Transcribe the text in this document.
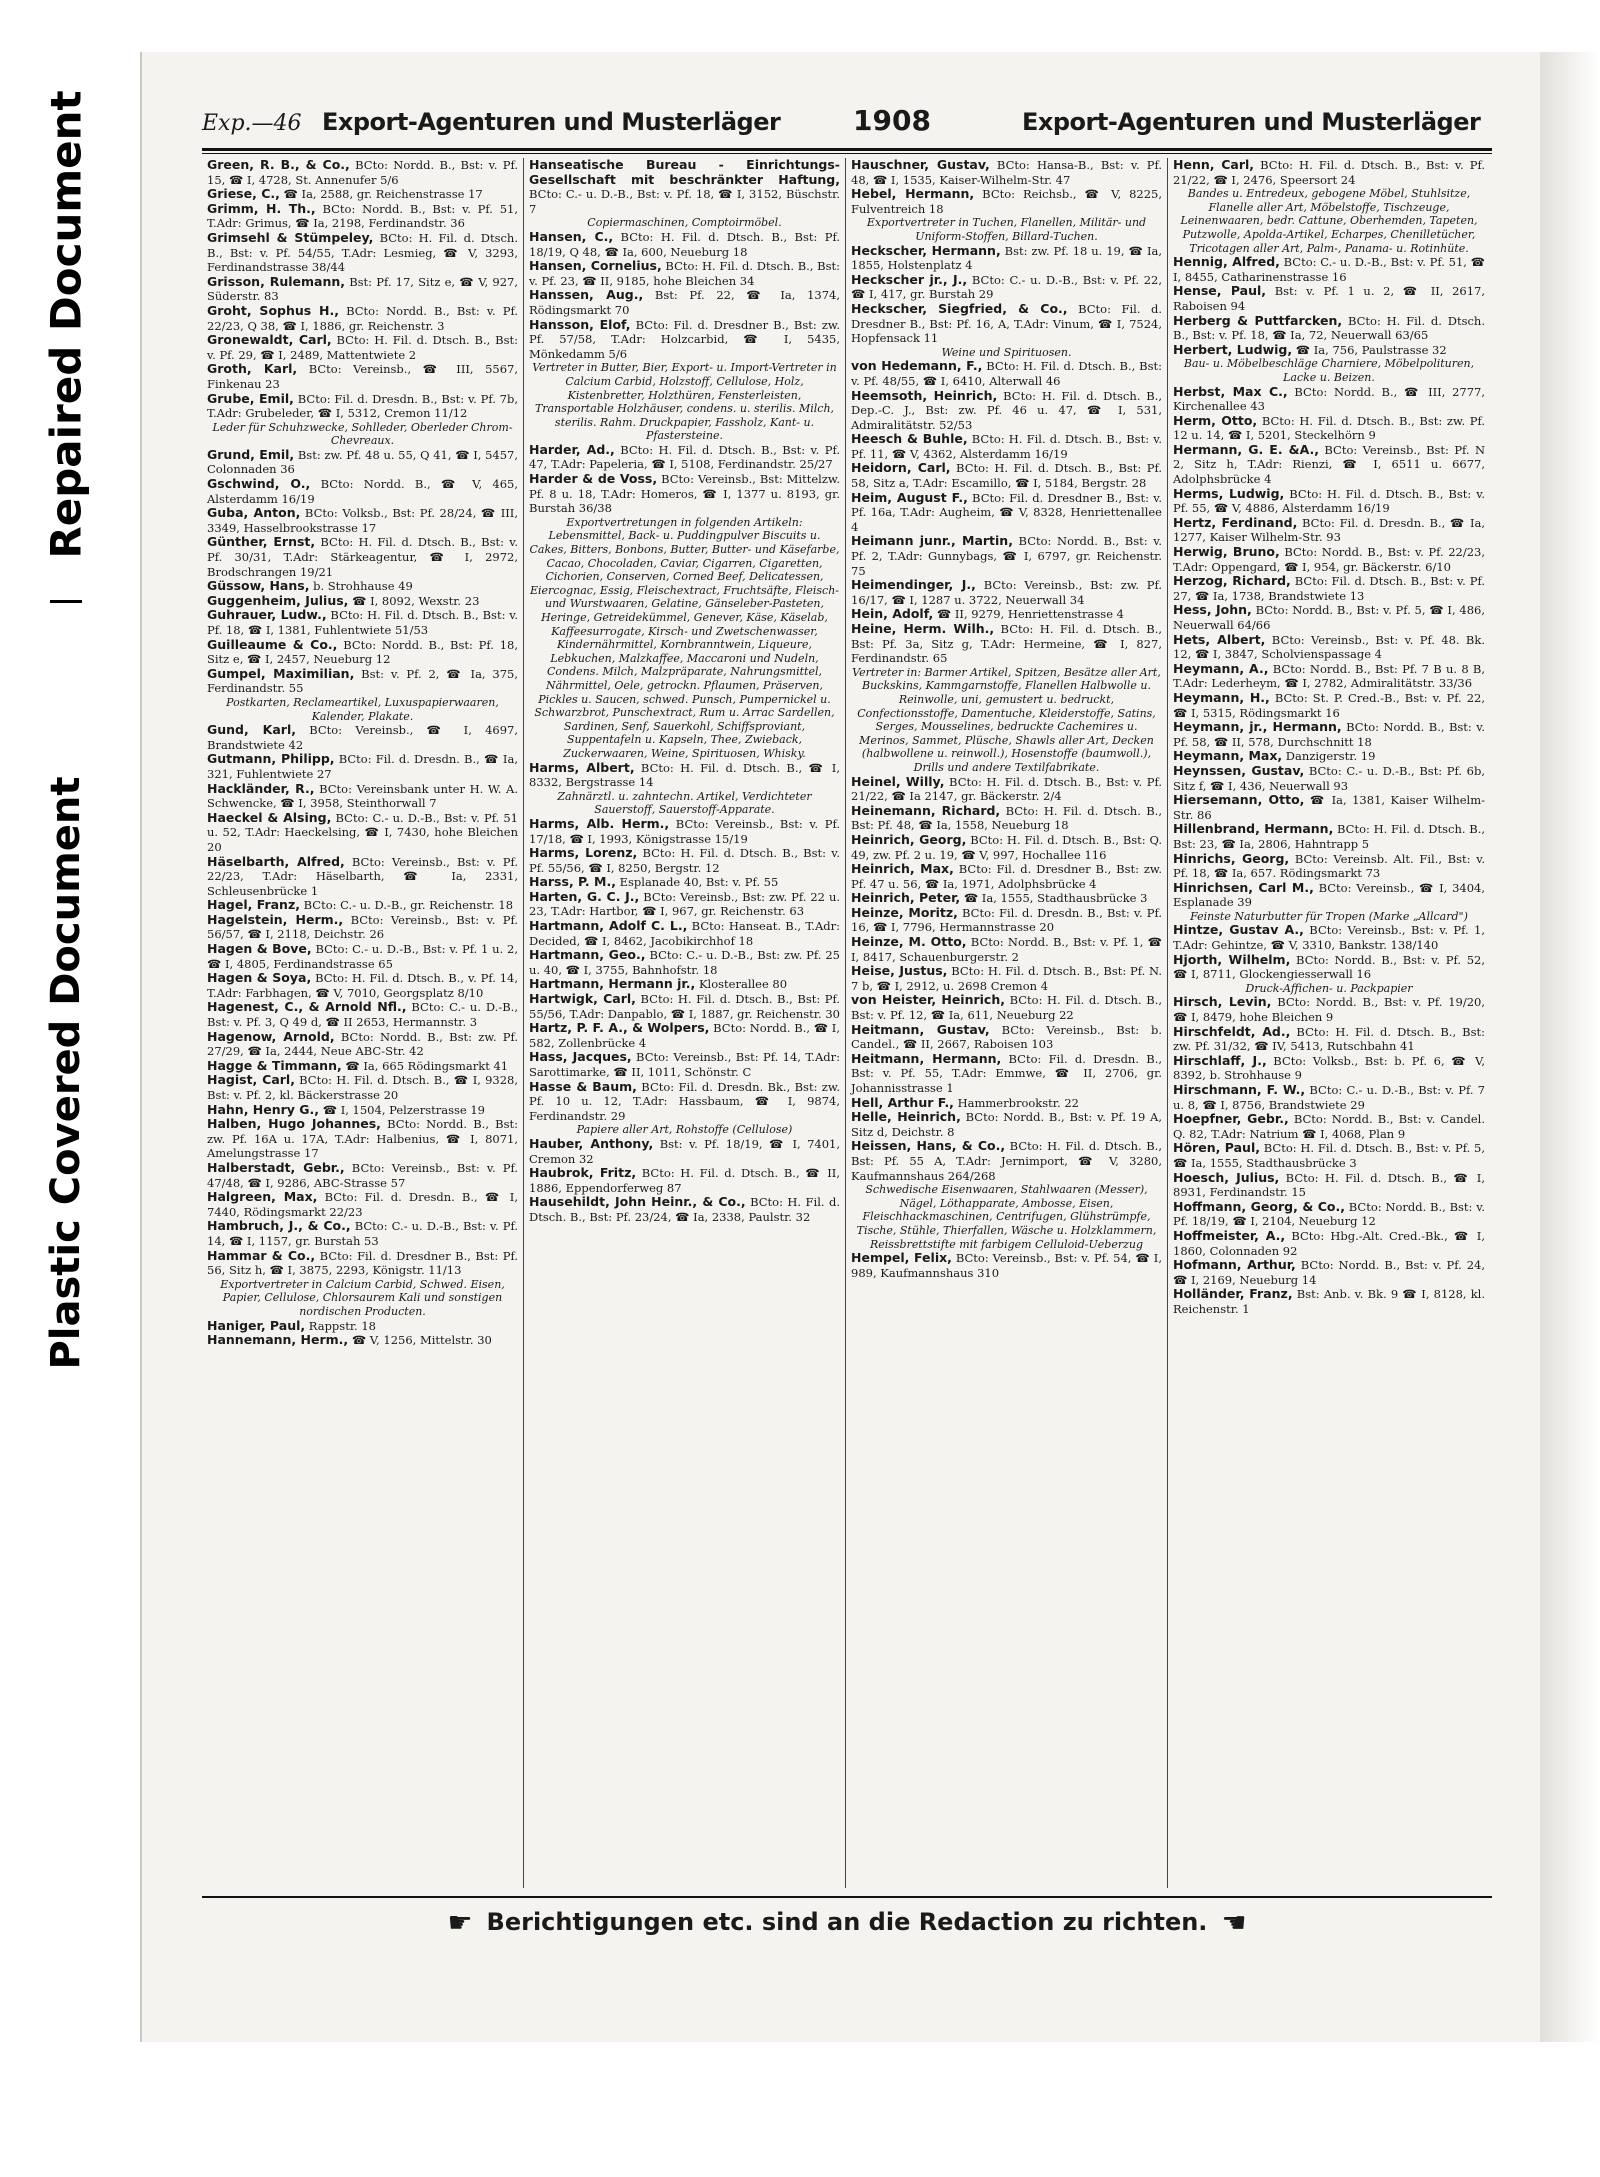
Repaired Document
Plastic Covered Document
Exp.—46 Export-Agenturen und Musterläger	1908	Export-Agenturen und Musterläger

Green, R. B., & Co., BCto: Nordd. B., Bst: v. Pf. 15, ☎ I, 4728, St. Annenufer 5/6

Griese, C., ☎ Ia, 2588, gr. Reichenstrasse 17

Grimm, H. Th., BCto: Nordd. B., Bst: v. Pf. 51, T.Adr: Grimus, ☎ Ia, 2198, Ferdinandstr. 36

Grimsehl & Stümpeley, BCto: H. Fil. d. Dtsch. B., Bst: v. Pf. 54/55, T.Adr: Lesmieg, ☎ V, 3293, Ferdinandstrasse 38/44

Grisson, Rulemann, Bst: Pf. 17, Sitz e, ☎ V, 927, Süderstr. 83

Groht, Sophus H., BCto: Nordd. B., Bst: v. Pf. 22/23, Q 38, ☎ I, 1886, gr. Reichenstr. 3

Gronewaldt, Carl, BCto: H. Fil. d. Dtsch. B., Bst: v. Pf. 29, ☎ I, 2489, Mattentwiete 2

Groth, Karl, BCto: Vereinsb., ☎ III, 5567, Finkenau 23

Grube, Emil, BCto: Fil. d. Dresdn. B., Bst: v. Pf. 7b, T.Adr: Grubeleder, ☎ I, 5312, Cremon 11/12

Leder für Schuhzwecke, Sohlleder, Oberleder Chrom-Chevreaux.

Grund, Emil, Bst: zw. Pf. 48 u. 55, Q 41, ☎ I, 5457, Colonnaden 36

Gschwind, O., BCto: Nordd. B., ☎ V, 465, Alsterdamm 16/19

Guba, Anton, BCto: Volksb., Bst: Pf. 28/24, ☎ III, 3349, Hasselbrookstrasse 17

Günther, Ernst, BCto: H. Fil. d. Dtsch. B., Bst: v. Pf. 30/31, T.Adr: Stärkeagentur, ☎ I, 2972, Brodschrangen 19/21

Güssow, Hans, b. Strohhause 49

Guggenheim, Julius, ☎ I, 8092, Wexstr. 23

Guhrauer, Ludw., BCto: H. Fil. d. Dtsch. B., Bst: v. Pf. 18, ☎ I, 1381, Fuhlentwiete 51/53

Guilleaume & Co., BCto: Nordd. B., Bst: Pf. 18, Sitz e, ☎ I, 2457, Neueburg 12

Gumpel, Maximilian, Bst: v. Pf. 2, ☎ Ia, 375, Ferdinandstr. 55

Postkarten, Reclameartikel, Luxuspapierwaaren, Kalender, Plakate.

Gund, Karl, BCto: Vereinsb., ☎ I, 4697, Brandstwiete 42

Gutmann, Philipp, BCto: Fil. d. Dresdn. B., ☎ Ia, 321, Fuhlentwiete 27

Hackländer, R., BCto: Vereinsbank unter H. W. A. Schwencke, ☎ I, 3958, Steinthorwall 7

Haeckel & Alsing, BCto: C.- u. D.-B., Bst: v. Pf. 51 u. 52, T.Adr: Haeckelsing, ☎ I, 7430, hohe Bleichen 20

Häselbarth, Alfred, BCto: Vereinsb., Bst: v. Pf. 22/23, T.Adr: Häselbarth, ☎ Ia, 2331, Schleusenbrücke 1

Hagel, Franz, BCto: C.- u. D.-B., gr. Reichenstr. 18

Hagelstein, Herm., BCto: Vereinsb., Bst: v. Pf. 56/57, ☎ I, 2118, Deichstr. 26

Hagen & Bove, BCto: C.- u. D.-B., Bst: v. Pf. 1 u. 2, ☎ I, 4805, Ferdinandstrasse 65

Hagen & Soya, BCto: H. Fil. d. Dtsch. B., v. Pf. 14, T.Adr: Farbhagen, ☎ V, 7010, Georgsplatz 8/10

Hagenest, C., & Arnold Nfl., BCto: C.- u. D.-B., Bst: v. Pf. 3, Q 49 d, ☎ II 2653, Hermannstr. 3

Hagenow, Arnold, BCto: Nordd. B., Bst: zw. Pf. 27/29, ☎ Ia, 2444, Neue ABC-Str. 42

Hagge & Timmann, ☎ Ia, 665 Rödingsmarkt 41

Hagist, Carl, BCto: H. Fil. d. Dtsch. B., ☎ I, 9328, Bst: v. Pf. 2, kl. Bäckerstrasse 20

Hahn, Henry G., ☎ I, 1504, Pelzerstrasse 19

Halben, Hugo Johannes, BCto: Nordd. B., Bst: zw. Pf. 16A u. 17A, T.Adr: Halbenius, ☎ I, 8071, Amelungstrasse 17

Halberstadt, Gebr., BCto: Vereinsb., Bst: v. Pf. 47/48, ☎ I, 9286, ABC-Strasse 57

Halgreen, Max, BCto: Fil. d. Dresdn. B., ☎ I, 7440, Rödingsmarkt 22/23

Hambruch, J., & Co., BCto: C.- u. D.-B., Bst: v. Pf. 14, ☎ I, 1157, gr. Burstah 53

Hammar & Co., BCto: Fil. d. Dresdner B., Bst: Pf. 56, Sitz h, ☎ I, 3875, 2293, Königstr. 11/13

Exportvertreter in Calcium Carbid, Schwed. Eisen, Papier, Cellulose, Chlorsaurem Kali und sonstigen nordischen Producten.

Haniger, Paul, Rappstr. 18

Hannemann, Herm., ☎ V, 1256, Mittelstr. 30

Hanseatische Bureau - Einrichtungs-Gesellschaft mit beschränkter Haftung, BCto: C.- u. D.-B., Bst: v. Pf. 18, ☎ I, 3152, Büschstr. 7

Copiermaschinen, Comptoirmöbel.

Hansen, C., BCto: H. Fil. d. Dtsch. B., Bst: Pf. 18/19, Q 48, ☎ Ia, 600, Neueburg 18

Hansen, Cornelius, BCto: H. Fil. d. Dtsch. B., Bst: v. Pf. 23, ☎ II, 9185, hohe Bleichen 34

Hanssen, Aug., Bst: Pf. 22, ☎ Ia, 1374, Rödingsmarkt 70

Hansson, Elof, BCto: Fil. d. Dresdner B., Bst: zw. Pf. 57/58, T.Adr: Holzcarbid, ☎ I, 5435, Mönkedamm 5/6

Vertreter in Butter, Bier, Export- u. Import-Vertreter in Calcium Carbid, Holzstoff, Cellulose, Holz, Kistenbretter, Holzthüren, Fensterleisten, Transportable Holzhäuser, condens. u. sterilis. Milch, sterilis. Rahm. Druckpapier, Fassholz, Kant- u. Pfastersteine.

Harder, Ad., BCto: H. Fil. d. Dtsch. B., Bst: v. Pf. 47, T.Adr: Papeleria, ☎ I, 5108, Ferdinandstr. 25/27

Harder & de Voss, BCto: Vereinsb., Bst: Mittelzw. Pf. 8 u. 18, T.Adr: Homeros, ☎ I, 1377 u. 8193, gr. Burstah 36/38

Exportvertretungen in folgenden Artikeln: Lebensmittel, Back- u. Puddingpulver Biscuits u. Cakes, Bitters, Bonbons, Butter, Butter- und Käsefarbe, Cacao, Chocoladen, Caviar, Cigarren, Cigaretten, Cichorien, Conserven, Corned Beef, Delicatessen, Eiercognac, Essig, Fleischextract, Fruchtsäfte, Fleisch- und Wurstwaaren, Gelatine, Gänseleber-Pasteten, Heringe, Getreidekümmel, Genever, Käse, Käselab, Kaffeesurrogate, Kirsch- und Zwetschenwasser, Kindernährmittel, Kornbranntwein, Liqueure, Lebkuchen, Malzkaffee, Maccaroni und Nudeln, Condens. Milch, Malzpräparate, Nahrungsmittel, Nährmittel, Oele, getrockn. Pflaumen, Präserven, Pickles u. Saucen, schwed. Punsch, Pumpernickel u. Schwarzbrot, Punschextract, Rum u. Arrac Sardellen, Sardinen, Senf, Sauerkohl, Schiffsproviant, Suppentafeln u. Kapseln, Thee, Zwieback, Zuckerwaaren, Weine, Spirituosen, Whisky.

Harms, Albert, BCto: H. Fil. d. Dtsch. B., ☎ I, 8332, Bergstrasse 14

Zahnärztl. u. zahntechn. Artikel, Verdichteter Sauerstoff, Sauerstoff-Apparate.

Harms, Alb. Herm., BCto: Vereinsb., Bst: v. Pf. 17/18, ☎ I, 1993, Königstrasse 15/19

Harms, Lorenz, BCto: H. Fil. d. Dtsch. B., Bst: v. Pf. 55/56, ☎ I, 8250, Bergstr. 12

Harss, P. M., Esplanade 40, Bst: v. Pf. 55

Harten, G. C. J., BCto: Vereinsb., Bst: zw. Pf. 22 u. 23, T.Adr: Hartbor, ☎ I, 967, gr. Reichenstr. 63

Hartmann, Adolf C. L., BCto: Hanseat. B., T.Adr: Decided, ☎ I, 8462, Jacobikirchhof 18

Hartmann, Geo., BCto: C.- u. D.-B., Bst: zw. Pf. 25 u. 40, ☎ I, 3755, Bahnhofstr. 18

Hartmann, Hermann jr., Klosterallee 80

Hartwigk, Carl, BCto: H. Fil. d. Dtsch. B., Bst: Pf. 55/56, T.Adr: Danpablo, ☎ I, 1887, gr. Reichenstr. 30

Hartz, P. F. A., & Wolpers, BCto: Nordd. B., ☎ I, 582, Zollenbrücke 4

Hass, Jacques, BCto: Vereinsb., Bst: Pf. 14, T.Adr: Sarottimarke, ☎ II, 1011, Schönstr. C

Hasse & Baum, BCto: Fil. d. Dresdn. Bk., Bst: zw. Pf. 10 u. 12, T.Adr: Hassbaum, ☎ I, 9874, Ferdinandstr. 29

Papiere aller Art, Rohstoffe (Cellulose)

Hauber, Anthony, Bst: v. Pf. 18/19, ☎ I, 7401, Cremon 32

Haubrok, Fritz, BCto: H. Fil. d. Dtsch. B., ☎ II, 1886, Eppendorferweg 87

Hausehildt, John Heinr., & Co., BCto: H. Fil. d. Dtsch. B., Bst: Pf. 23/24, ☎ Ia, 2338, Paulstr. 32

Hauschner, Gustav, BCto: Hansa-B., Bst: v. Pf. 48, ☎ I, 1535, Kaiser-Wilhelm-Str. 47

Hebel, Hermann, BCto: Reichsb., ☎ V, 8225, Fulventreich 18

Exportvertreter in Tuchen, Flanellen, Militär- und Uniform-Stoffen, Billard-Tuchen.

Heckscher, Hermann, Bst: zw. Pf. 18 u. 19, ☎ Ia, 1855, Holstenplatz 4

Heckscher jr., J., BCto: C.- u. D.-B., Bst: v. Pf. 22, ☎ I, 417, gr. Burstah 29

Heckscher, Siegfried, & Co., BCto: Fil. d. Dresdner B., Bst: Pf. 16, A, T.Adr: Vinum, ☎ I, 7524, Hopfensack 11

Weine und Spirituosen.

von Hedemann, F., BCto: H. Fil. d. Dtsch. B., Bst: v. Pf. 48/55, ☎ I, 6410, Alterwall 46

Heemsoth, Heinrich, BCto: H. Fil. d. Dtsch. B., Dep.-C. J., Bst: zw. Pf. 46 u. 47, ☎ I, 531, Admiralitätstr. 52/53

Heesch & Buhle, BCto: H. Fil. d. Dtsch. B., Bst: v. Pf. 11, ☎ V, 4362, Alsterdamm 16/19

Heidorn, Carl, BCto: H. Fil. d. Dtsch. B., Bst: Pf. 58, Sitz a, T.Adr: Escamillo, ☎ I, 5184, Bergstr. 28

Heim, August F., BCto: Fil. d. Dresdner B., Bst: v. Pf. 16a, T.Adr: Augheim, ☎ V, 8328, Henriettenallee 4

Heimann junr., Martin, BCto: Nordd. B., Bst: v. Pf. 2, T.Adr: Gunnybags, ☎ I, 6797, gr. Reichenstr. 75

Heimendinger, J., BCto: Vereinsb., Bst: zw. Pf. 16/17, ☎ I, 1287 u. 3722, Neuerwall 34

Hein, Adolf, ☎ II, 9279, Henriettenstrasse 4

Heine, Herm. Wilh., BCto: H. Fil. d. Dtsch. B., Bst: Pf. 3a, Sitz g, T.Adr: Hermeine, ☎ I, 827, Ferdinandstr. 65

Vertreter in: Barmer Artikel, Spitzen, Besätze aller Art, Buckskins, Kammgarnstoffe, Flanellen Halbwolle u. Reinwolle, uni, gemustert u. bedruckt, Confectionsstoffe, Damentuche, Kleiderstoffe, Satins, Serges, Mousselines, bedruckte Cachemires u. Merinos, Sammet, Plüsche, Shawls aller Art, Decken (halbwollene u. reinwoll.), Hosenstoffe (baumwoll.), Drills und andere Textilfabrikate.

Heinel, Willy, BCto: H. Fil. d. Dtsch. B., Bst: v. Pf. 21/22, ☎ Ia 2147, gr. Bäckerstr. 2/4

Heinemann, Richard, BCto: H. Fil. d. Dtsch. B., Bst: Pf. 48, ☎ Ia, 1558, Neueburg 18

Heinrich, Georg, BCto: H. Fil. d. Dtsch. B., Bst: Q. 49, zw. Pf. 2 u. 19, ☎ V, 997, Hochallee 116

Heinrich, Max, BCto: Fil. d. Dresdner B., Bst: zw. Pf. 47 u. 56, ☎ Ia, 1971, Adolphsbrücke 4

Heinrich, Peter, ☎ Ia, 1555, Stadthausbrücke 3

Heinze, Moritz, BCto: Fil. d. Dresdn. B., Bst: v. Pf. 16, ☎ I, 7796, Hermannstrasse 20

Heinze, M. Otto, BCto: Nordd. B., Bst: v. Pf. 1, ☎ I, 8417, Schauenburgerstr. 2

Heise, Justus, BCto: H. Fil. d. Dtsch. B., Bst: Pf. N. 7 b, ☎ I, 2912, u. 2698 Cremon 4

von Heister, Heinrich, BCto: H. Fil. d. Dtsch. B., Bst: v. Pf. 12, ☎ Ia, 611, Neueburg 22

Heitmann, Gustav, BCto: Vereinsb., Bst: b. Candel., ☎ II, 2667, Raboisen 103

Heitmann, Hermann, BCto: Fil. d. Dresdn. B., Bst: v. Pf. 55, T.Adr: Emmwe, ☎ II, 2706, gr. Johannisstrasse 1

Hell, Arthur F., Hammerbrookstr. 22

Helle, Heinrich, BCto: Nordd. B., Bst: v. Pf. 19 A, Sitz d, Deichstr. 8

Heissen, Hans, & Co., BCto: H. Fil. d. Dtsch. B., Bst: Pf. 55 A, T.Adr: Jernimport, ☎ V, 3280, Kaufmannshaus 264/268

Schwedische Eisenwaaren, Stahlwaaren (Messer), Nägel, Löthapparate, Ambosse, Eisen, Fleischhackmaschinen, Centrifugen, Glühstrümpfe, Tische, Stühle, Thierfallen, Wäsche u. Holzklammern, Reissbrettstifte mit farbigem Celluloid-Ueberzug

Hempel, Felix, BCto: Vereinsb., Bst: v. Pf. 54, ☎ I, 989, Kaufmannshaus 310

Henn, Carl, BCto: H. Fil. d. Dtsch. B., Bst: v. Pf. 21/22, ☎ I, 2476, Speersort 24

Bandes u. Entredeux, gebogene Möbel, Stuhlsitze, Flanelle aller Art, Möbelstoffe, Tischzeuge, Leinenwaaren, bedr. Cattune, Oberhemden, Tapeten, Putzwolle, Apolda-Artikel, Echarpes, Chenilletücher, Tricotagen aller Art, Palm-, Panama- u. Rotinhüte.

Hennig, Alfred, BCto: C.- u. D.-B., Bst: v. Pf. 51, ☎ I, 8455, Catharinenstrasse 16

Hense, Paul, Bst: v. Pf. 1 u. 2, ☎ II, 2617, Raboisen 94

Herberg & Puttfarcken, BCto: H. Fil. d. Dtsch. B., Bst: v. Pf. 18, ☎ Ia, 72, Neuerwall 63/65

Herbert, Ludwig, ☎ Ia, 756, Paulstrasse 32

Bau- u. Möbelbeschläge Charniere, Möbelpolituren, Lacke u. Beizen.

Herbst, Max C., BCto: Nordd. B., ☎ III, 2777, Kirchenallee 43

Herm, Otto, BCto: H. Fil. d. Dtsch. B., Bst: zw. Pf. 12 u. 14, ☎ I, 5201, Steckelhörn 9

Hermann, G. E. &A., BCto: Vereinsb., Bst: Pf. N 2, Sitz h, T.Adr: Rienzi, ☎ I, 6511 u. 6677, Adolphsbrücke 4

Herms, Ludwig, BCto: H. Fil. d. Dtsch. B., Bst: v. Pf. 55, ☎ V, 4886, Alsterdamm 16/19

Hertz, Ferdinand, BCto: Fil. d. Dresdn. B., ☎ Ia, 1277, Kaiser Wilhelm-Str. 93

Herwig, Bruno, BCto: Nordd. B., Bst: v. Pf. 22/23, T.Adr: Oppengard, ☎ I, 954, gr. Bäckerstr. 6/10

Herzog, Richard, BCto: Fil. d. Dtsch. B., Bst: v. Pf. 27, ☎ Ia, 1738, Brandstwiete 13

Hess, John, BCto: Nordd. B., Bst: v. Pf. 5, ☎ I, 486, Neuerwall 64/66

Hets, Albert, BCto: Vereinsb., Bst: v. Pf. 48. Bk. 12, ☎ I, 3847, Scholvienspassage 4

Heymann, A., BCto: Nordd. B., Bst: Pf. 7 B u. 8 B, T.Adr: Lederheym, ☎ I, 2782, Admiralitätstr. 33/36

Heymann, H., BCto: St. P. Cred.-B., Bst: v. Pf. 22, ☎ I, 5315, Rödingsmarkt 16

Heymann, jr., Hermann, BCto: Nordd. B., Bst: v. Pf. 58, ☎ II, 578, Durchschnitt 18

Heymann, Max, Danzigerstr. 19

Heynssen, Gustav, BCto: C.- u. D.-B., Bst: Pf. 6b, Sitz f, ☎ I, 436, Neuerwall 93

Hiersemann, Otto, ☎ Ia, 1381, Kaiser Wilhelm-Str. 86

Hillenbrand, Hermann, BCto: H. Fil. d. Dtsch. B., Bst: 23, ☎ Ia, 2806, Hahntrapp 5

Hinrichs, Georg, BCto: Vereinsb. Alt. Fil., Bst: v. Pf. 18, ☎ Ia, 657. Rödingsmarkt 73

Hinrichsen, Carl M., BCto: Vereinsb., ☎ I, 3404, Esplanade 39

Feinste Naturbutter für Tropen (Marke „Allcard")

Hintze, Gustav A., BCto: Vereinsb., Bst: v. Pf. 1, T.Adr: Gehintze, ☎ V, 3310, Bankstr. 138/140

Hjorth, Wilhelm, BCto: Nordd. B., Bst: v. Pf. 52, ☎ I, 8711, Glockengiesserwall 16

Druck-Affichen- u. Packpapier

Hirsch, Levin, BCto: Nordd. B., Bst: v. Pf. 19/20, ☎ I, 8479, hohe Bleichen 9

Hirschfeldt, Ad., BCto: H. Fil. d. Dtsch. B., Bst: zw. Pf. 31/32, ☎ IV, 5413, Rutschbahn 41

Hirschlaff, J., BCto: Volksb., Bst: b. Pf. 6, ☎ V, 8392, b. Strohhause 9

Hirschmann, F. W., BCto: C.- u. D.-B., Bst: v. Pf. 7 u. 8, ☎ I, 8756, Brandstwiete 29

Hoepfner, Gebr., BCto: Nordd. B., Bst: v. Candel. Q. 82, T.Adr: Natrium ☎ I, 4068, Plan 9

Hören, Paul, BCto: H. Fil. d. Dtsch. B., Bst: v. Pf. 5, ☎ Ia, 1555, Stadthausbrücke 3

Hoesch, Julius, BCto: H. Fil. d. Dtsch. B., ☎ I, 8931, Ferdinandstr. 15

Hoffmann, Georg, & Co., BCto: Nordd. B., Bst: v. Pf. 18/19, ☎ I, 2104, Neueburg 12

Hoffmeister, A., BCto: Hbg.-Alt. Cred.-Bk., ☎ I, 1860, Colonnaden 92

Hofmann, Arthur, BCto: Nordd. B., Bst: v. Pf. 24, ☎ I, 2169, Neueburg 14

Holländer, Franz, Bst: Anb. v. Bk. 9 ☎ I, 8128, kl. Reichenstr. 1

☛ Berichtigungen etc. sind an die Redaction zu richten. ☚
